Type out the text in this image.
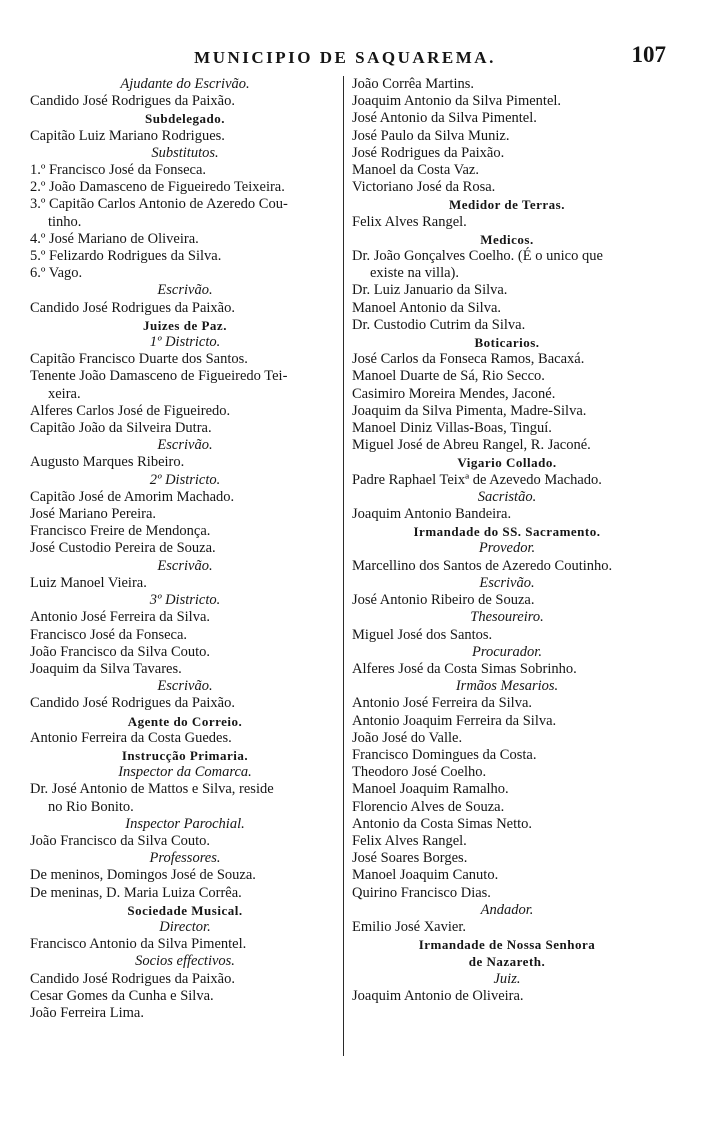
MUNICIPIO DE SAQUAREMA.	107
Ajudante do Escrivão.
Candido José Rodrigues da Paixão.
Subdelegado.
Capitão Luiz Mariano Rodrigues.
Substitutos.
1.º Francisco José da Fonseca.
2.º João Damasceno de Figueiredo Teixeira.
3.º Capitão Carlos Antonio de Azeredo Cou-
tinho.
4.º José Mariano de Oliveira.
5.º Felizardo Rodrigues da Silva.
6.º Vago.
Escrivão.
Candido José Rodrigues da Paixão.
Juizes de Paz.
1º Districto.
Capitão Francisco Duarte dos Santos.
Tenente João Damasceno de Figueiredo Tei-
xeira.
Alferes Carlos José de Figueiredo.
Capitão João da Silveira Dutra.
Escrivão.
Augusto Marques Ribeiro.
2º Districto.
Capitão José de Amorim Machado.
José Mariano Pereira.
Francisco Freire de Mendonça.
José Custodio Pereira de Souza.
Escrivão.
Luiz Manoel Vieira.
3º Districto.
Antonio José Ferreira da Silva.
Francisco José da Fonseca.
João Francisco da Silva Couto.
Joaquim da Silva Tavares.
Escrivão.
Candido José Rodrigues da Paixão.
Agente do Correio.
Antonio Ferreira da Costa Guedes.
Instrucção Primaria.
Inspector da Comarca.
Dr. José Antonio de Mattos e Silva, reside
no Rio Bonito.
Inspector Parochial.
João Francisco da Silva Couto.
Professores.
De meninos, Domingos José de Souza.
De meninas, D. Maria Luiza Corrêa.
Sociedade Musical.
Director.
Francisco Antonio da Silva Pimentel.
Socios effectivos.
Candido José Rodrigues da Paixão.
Cesar Gomes da Cunha e Silva.
João Ferreira Lima.
João Corrêa Martins.
Joaquim Antonio da Silva Pimentel.
José Antonio da Silva Pimentel.
José Paulo da Silva Muniz.
José Rodrigues da Paixão.
Manoel da Costa Vaz.
Victoriano José da Rosa.
Medidor de Terras.
Felix Alves Rangel.
Medicos.
Dr. João Gonçalves Coelho. (É o unico que
existe na villa).
Dr. Luiz Januario da Silva.
Manoel Antonio da Silva.
Dr. Custodio Cutrim da Silva.
Boticarios.
José Carlos da Fonseca Ramos, Bacaxá.
Manoel Duarte de Sá, Rio Secco.
Casimiro Moreira Mendes, Jaconé.
Joaquim da Silva Pimenta, Madre-Silva.
Manoel Diniz Villas-Boas, Tinguí.
Miguel José de Abreu Rangel, R. Jaconé.
Vigario Collado.
Padre Raphael Teixª de Azevedo Machado.
Sacristão.
Joaquim Antonio Bandeira.
Irmandade do SS. Sacramento.
Provedor.
Marcellino dos Santos de Azeredo Coutinho.
Escrivão.
José Antonio Ribeiro de Souza.
Thesoureiro.
Miguel José dos Santos.
Procurador.
Alferes José da Costa Simas Sobrinho.
Irmãos Mesarios.
Antonio José Ferreira da Silva.
Antonio Joaquim Ferreira da Silva.
João José do Valle.
Francisco Domingues da Costa.
Theodoro José Coelho.
Manoel Joaquim Ramalho.
Florencio Alves de Souza.
Antonio da Costa Simas Netto.
Felix Alves Rangel.
José Soares Borges.
Manoel Joaquim Canuto.
Quirino Francisco Dias.
Andador.
Emilio José Xavier.
Irmandade de Nossa Senhora
de Nazareth.
Juiz.
Joaquim Antonio de Oliveira.
